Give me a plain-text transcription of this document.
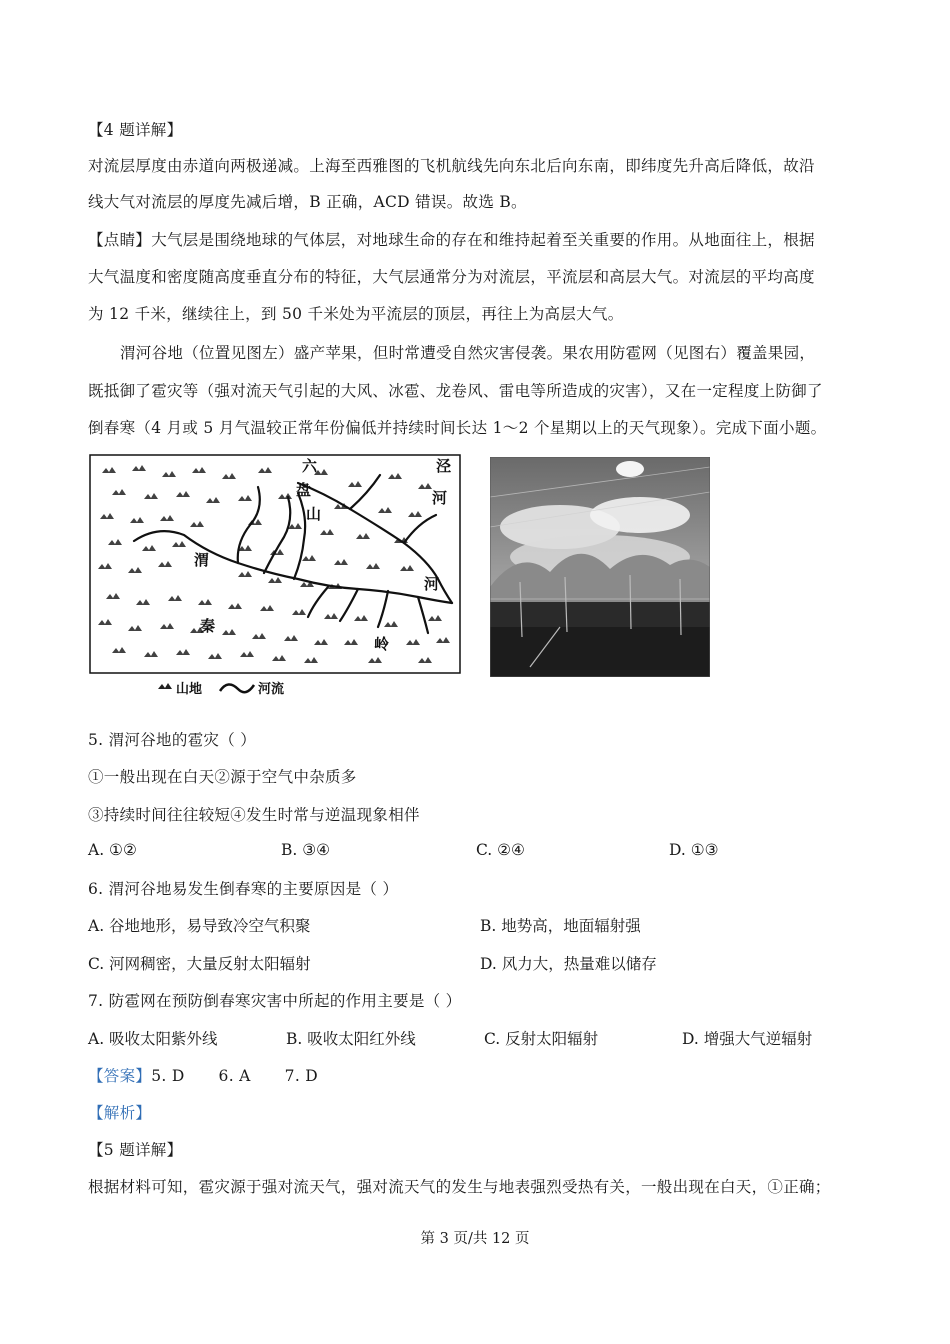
【4 题详解】
对流层厚度由赤道向两极递减。上海至西雅图的飞机航线先向东北后向东南，即纬度先升高后降低，故沿
线大气对流层的厚度先减后增，B 正确，ACD 错误。故选 B。
【点睛】大气层是围绕地球的气体层，对地球生命的存在和维持起着至关重要的作用。从地面往上，根据
大气温度和密度随高度垂直分布的特征，大气层通常分为对流层，平流层和高层大气。对流层的平均高度
为 12 千米，继续往上，到 50 千米处为平流层的顶层，再往上为高层大气。
渭河谷地（位置见图左）盛产苹果，但时常遭受自然灾害侵袭。果农用防雹网（见图右）覆盖果园，
既抵御了雹灾等（强对流天气引起的大风、冰雹、龙卷风、雷电等所造成的灾害），又在一定程度上防御了
倒春寒（4 月或 5 月气温较正常年份偏低并持续时间长达 1～2 个星期以上的天气现象）。完成下面小题。
六
盘
山
泾
河
渭
河
秦
岭
山地	河流
5. 渭河谷地的雹灾（ ）
①一般出现在白天②源于空气中杂质多
③持续时间往往较短④发生时常与逆温现象相伴
A. ①②	B. ③④	C. ②④	D. ①③
6. 渭河谷地易发生倒春寒的主要原因是（ ）
A. 谷地地形，易导致冷空气积聚	B. 地势高，地面辐射强
C. 河网稠密，大量反射太阳辐射	D. 风力大，热量难以储存
7. 防雹网在预防倒春寒灾害中所起的作用主要是（ ）
A. 吸收太阳紫外线	B. 吸收太阳红外线	C. 反射太阳辐射	D. 增强大气逆辐射
【答案】5. D 6. A 7. D
【解析】
【5 题详解】
根据材料可知，雹灾源于强对流天气，强对流天气的发生与地表强烈受热有关，一般出现在白天，①正确；
第 3 页/共 12 页
